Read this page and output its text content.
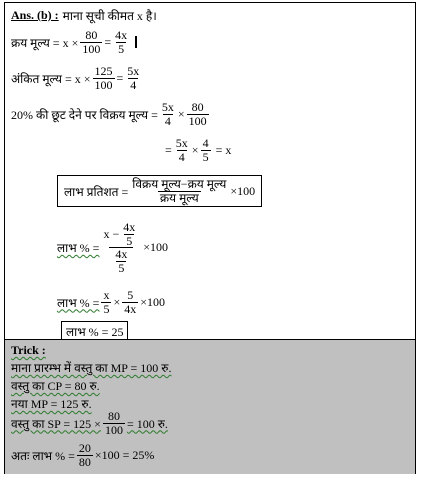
Ans. (b) : माना सूची कीमत x है।
क्रय मूल्य = $x \times \frac{80}{100} = \frac{4x}{5}$
अंकित मूल्य = $x \times \frac{125}{100} = \frac{5x}{4}$
20% की छूट देने पर विक्रय मूल्य = $\frac{5x}{4} \times \frac{80}{100}$
= $\frac{5x}{4} \times \frac{4}{5} = x$
लाभ प्रतिशत = $\frac{\text{विक्रय मूल्य−क्रय मूल्य}}{\text{क्रय मूल्य}} \times 100$
लाभ % = $\frac{x - \frac{4x}{5}}{\frac{4x}{5}} \times 100$
लाभ % = $\frac{x}{5} \times \frac{5}{4x} \times 100$
लाभ % = 25
Trick :
माना प्रारम्भ में वस्तु का MP = 100 रु.
वस्तु का CP = 80 रु.
नया MP = 125 रु.
वस्तु का SP = $125 \times \frac{80}{100} = 100$ रु.
अतः लाभ % = $\frac{20}{80} \times 100 = 25\%$
